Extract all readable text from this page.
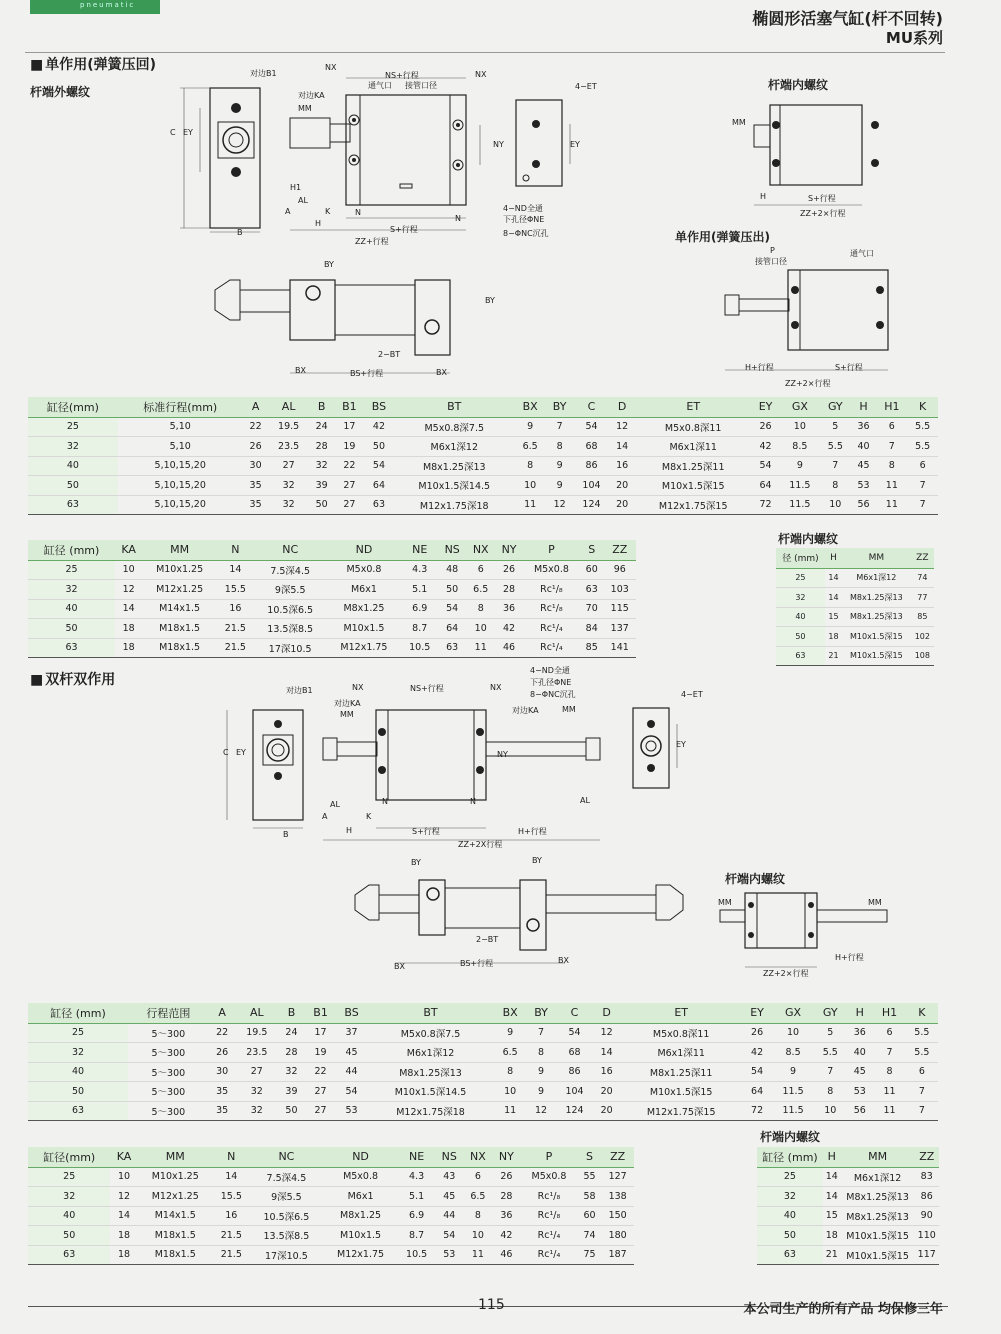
pneumatic
椭圆形活塞气缸(杆不回转)
MU系列
■ 单作用(弹簧压回)
杆端外螺纹	杆端内螺纹
单作用(弹簧压出)
杆端内螺纹
C EY
B
对边B1
对边KA
NX
NS+行程	NX
通气口 接管口径
MM
H1
AL
K
A
H
N
N
S+行程
ZZ+行程
NY
4−ET
EY
4−ND全通
下孔径ΦNE
8−ΦNC沉孔
MM
H	S+行程
ZZ+2×行程
BY
BY
2−BT
BX	BS+行程	BX
P
接管口径
通气口
H+行程	S+行程
ZZ+2×行程
缸径(mm)	标准行程(mm)	A	AL	B	B1	BS	BT	BX	BY	C	D	ET	EY	GX	GY	H	H1	K
25	5,10	22	19.5	24	17	42	M5x0.8深7.5	9	7	54	12	M5x0.8深11	26	10	5	36	6	5.5
32	5,10	26	23.5	28	19	50	M6x1深12	6.5	8	68	14	M6x1深11	42	8.5	5.5	40	7	5.5
40	5,10,15,20	30	27	32	22	54	M8x1.25深13	8	9	86	16	M8x1.25深11	54	9	7	45	8	6
50	5,10,15,20	35	32	39	27	64	M10x1.5深14.5	10	9	104	20	M10x1.5深15	64	11.5	8	53	11	7
63	5,10,15,20	35	32	50	27	63	M12x1.75深18	11	12	124	20	M12x1.75深15	72	11.5	10	56	11	7
缸径 (mm)	KA	MM	N	NC	ND	NE	NS	NX	NY	P	S	ZZ
25	10	M10x1.25	14	7.5深4.5	M5x0.8	4.3	48	6	26	M5x0.8	60	96
32	12	M12x1.25	15.5	9深5.5	M6x1	5.1	50	6.5	28	Rc¹/₈	63	103
40	14	M14x1.5	16	10.5深6.5	M8x1.25	6.9	54	8	36	Rc¹/₈	70	115
50	18	M18x1.5	21.5	13.5深8.5	M10x1.5	8.7	64	10	42	Rc¹/₄	84	137
63	18	M18x1.5	21.5	17深10.5	M12x1.75	10.5	63	11	46	Rc¹/₄	85	141
径 (mm)	H	MM	ZZ
25	14	M6x1深12	74
32	14	M8x1.25深13	77
40	15	M8x1.25深13	85
50	18	M10x1.5深15	102
63	21	M10x1.5深15	108
■ 双杆双作用
C EY
B
对边B1
对边KA
MM
NX	NS+行程	NX
4−ND全通
下孔径ΦNE
8−ΦNC沉孔
对边KA	MM
AL	AL
A	K
N	N
H	S+行程	H+行程
ZZ+2X行程
NY
4−ET
EY
BY	BY
2−BT
BX	BS+行程	BX
杆端内螺纹
MM	MM
H+行程
ZZ+2×行程
缸径 (mm)	行程范围	A	AL	B	B1	BS	BT	BX	BY	C	D	ET	EY	GX	GY	H	H1	K
25	5～300	22	19.5	24	17	37	M5x0.8深7.5	9	7	54	12	M5x0.8深11	26	10	5	36	6	5.5
32	5～300	26	23.5	28	19	45	M6x1深12	6.5	8	68	14	M6x1深11	42	8.5	5.5	40	7	5.5
40	5～300	30	27	32	22	44	M8x1.25深13	8	9	86	16	M8x1.25深11	54	9	7	45	8	6
50	5～300	35	32	39	27	54	M10x1.5深14.5	10	9	104	20	M10x1.5深15	64	11.5	8	53	11	7
63	5～300	35	32	50	27	53	M12x1.75深18	11	12	124	20	M12x1.75深15	72	11.5	10	56	11	7
缸径(mm)	KA	MM	N	NC	ND	NE	NS	NX	NY	P	S	ZZ
25	10	M10x1.25	14	7.5深4.5	M5x0.8	4.3	43	6	26	M5x0.8	55	127
32	12	M12x1.25	15.5	9深5.5	M6x1	5.1	45	6.5	28	Rc¹/₈	58	138
40	14	M14x1.5	16	10.5深6.5	M8x1.25	6.9	44	8	36	Rc¹/₈	60	150
50	18	M18x1.5	21.5	13.5深8.5	M10x1.5	8.7	54	10	42	Rc¹/₄	74	180
63	18	M18x1.5	21.5	17深10.5	M12x1.75	10.5	53	11	46	Rc¹/₄	75	187
杆端内螺纹
缸径 (mm)	H	MM	ZZ
25	14	M6x1深12	83
32	14	M8x1.25深13	86
40	15	M8x1.25深13	90
50	18	M10x1.5深15	110
63	21	M10x1.5深15	117
115	本公司生产的所有产品 均保修三年
